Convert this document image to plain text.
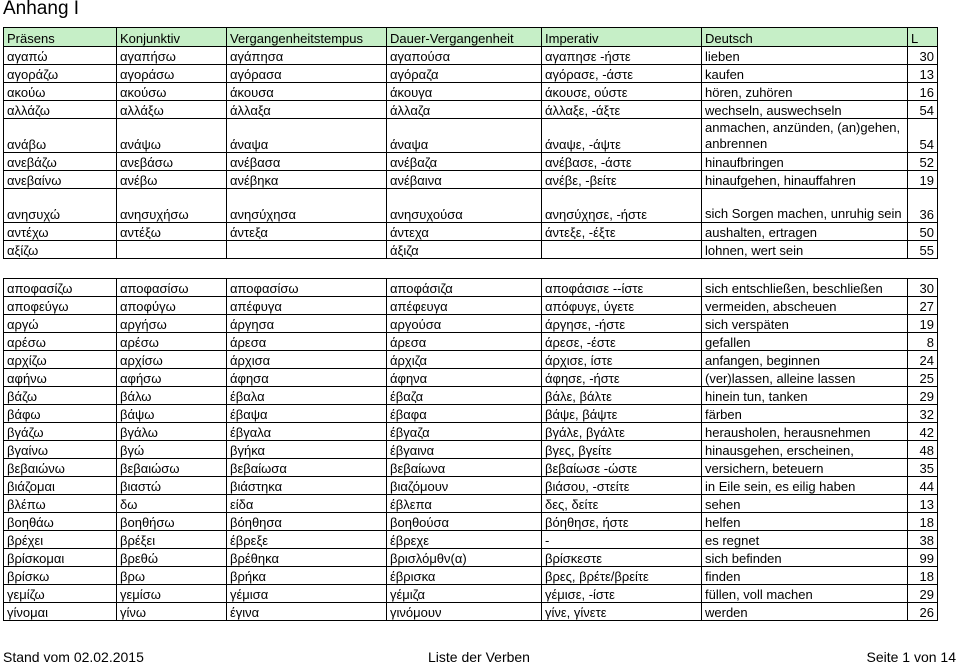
Anhang I
Präsens	Konjunktiv	Vergangenheitstempus	Dauer-Vergangenheit	Imperativ	Deutsch	L
αγαπώ	αγαπήσω	αγάπησα	αγαπούσα	αγαπησε -ήστε	lieben	30
αγοράζω	αγοράσω	αγόρασα	αγόραζα	αγόρασε, -άστε	kaufen	13
ακούω	ακούσω	άκουσα	άκουγα	άκουσε, ούστε	hören, zuhören	16
αλλάζω	αλλάξω	άλλαξα	άλλαζα	άλλαξε, -άξτε	wechseln, auswechseln	54
ανάβω	ανάψω	άναψα	άναψα	άναψε, -άψτε	anmachen, anzünden, (an)gehen, anbrennen	54
ανεβάζω	ανεβάσω	ανέβασα	ανέβαζα	ανέβασε, -άστε	hinaufbringen	52
ανεβαίνω	ανέβω	ανέβηκα	ανέβαινα	ανέβε, -βείτε	hinaufgehen, hinauffahren	19
ανησυχώ	ανησυχήσω	ανησύχησα	ανησυχούσα	ανησύχησε, -ήστε	sich Sorgen machen, unruhig sein	36
αντέχω	αντέξω	άντεξα	άντεχα	άντεξε, -έξτε	aushalten, ertragen	50
αξίζω			άξιζα		lohnen, wert sein	55

αποφασίζω	αποφασίσω	αποφασίσω	αποφάσιζα	αποφάσισε --ίστε	sich entschließen, beschließen	30
αποφεύγω	αποφύγω	απέφυγα	απέφευγα	απόφυγε, ύγετε	vermeiden, abscheuen	27
αργώ	αργήσω	άργησα	αργούσα	άργησε, -ήστε	sich verspäten	19
αρέσω	αρέσω	άρεσα	άρεσα	άρεσε, -έστε	gefallen	8
αρχίζω	αρχίσω	άρχισα	άρχιζα	άρχισε, ίστε	anfangen, beginnen	24
αφήνω	αφήσω	άφησα	άφηνα	άφησε, -ήστε	(ver)lassen, alleine lassen	25
βάζω	βάλω	έβαλα	έβαζα	βάλε, βάλτε	hinein tun, tanken	29
βάφω	βάψω	έβαψα	έβαφα	βάψε, βάψτε	färben	32
βγάζω	βγάλω	έβγαλα	έβγαζα	βγάλε, βγάλτε	herausholen, herausnehmen	42
βγαίνω	βγώ	βγήκα	έβγαινα	βγες, βγείτε	hinausgehen, erscheinen,	48
βεβαιώνω	βεβαιώσω	βεβαίωσα	βεβαίωνα	βεβαίωσε -ώστε	versichern, beteuern	35
βιάζομαι	βιαστώ	βιάστηκα	βιαζόμουν	βιάσου, -στείτε	in Eile sein, es eilig haben	44
βλέπω	δω	είδα	έβλεπα	δες, δείτε	sehen	13
βοηθάω	βοηθήσω	βόηθησα	βοηθούσα	βόηθησε, ήστε	helfen	18
βρέχει	βρέξει	έβρεξε	έβρεχε	-	es regnet	38
βρίσκομαι	βρεθώ	βρέθηκα	βρισλόμθν(α)	βρίσκεστε	sich befinden	99
βρίσκω	βρω	βρήκα	έβρισκα	βρες, βρέτε/βρείτε	finden	18
γεμίζω	γεμίσω	γέμισα	γέμιζα	γέμισε, -ίστε	füllen, voll machen	29
γίνομαι	γίνω	έγινα	γινόμουν	γίνε, γίνετε	werden	26
Stand vom 02.02.2015	Liste der Verben	Seite 1 von 14
